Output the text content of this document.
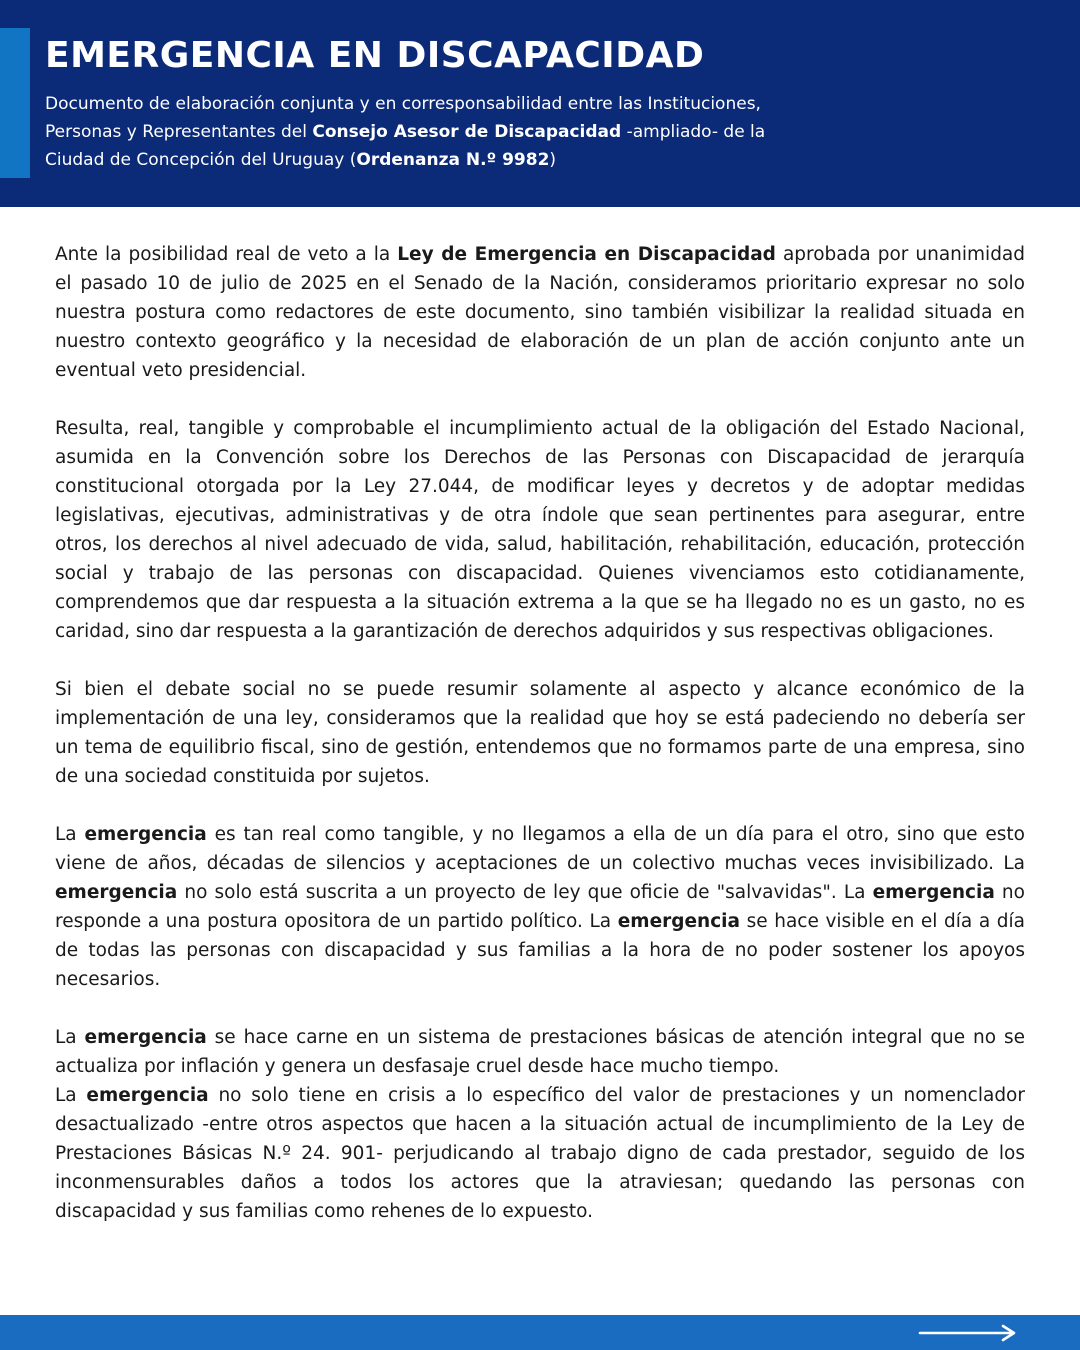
EMERGENCIA EN DISCAPACIDAD

Documento de elaboración conjunta y en corresponsabilidad entre las Instituciones,
Personas y Representantes del Consejo Asesor de Discapacidad -ampliado- de la
Ciudad de Concepción del Uruguay (Ordenanza N.º 9982)

Ante la posibilidad real de veto a la Ley de Emergencia en Discapacidad aprobada por unanimidad el pasado 10 de julio de 2025 en el Senado de la Nación, consideramos prioritario expresar no solo nuestra postura como redactores de este documento, sino también visibilizar la realidad situada en nuestro contexto geográfico y la necesidad de elaboración de un plan de acción conjunto ante un eventual veto presidencial.

Resulta, real, tangible y comprobable el incumplimiento actual de la obligación del Estado Nacional, asumida en la Convención sobre los Derechos de las Personas con Discapacidad de jerarquía constitucional otorgada por la Ley 27.044, de modificar leyes y decretos y de adoptar medidas legislativas, ejecutivas, administrativas y de otra índole que sean pertinentes para asegurar, entre otros, los derechos al nivel adecuado de vida, salud, habilitación, rehabilitación, educación, protección social y trabajo de las personas con discapacidad. Quienes vivenciamos esto cotidianamente, comprendemos que dar respuesta a la situación extrema a la que se ha llegado no es un gasto, no es caridad, sino dar respuesta a la garantización de derechos adquiridos y sus respectivas obligaciones.

Si bien el debate social no se puede resumir solamente al aspecto y alcance económico de la implementación de una ley, consideramos que la realidad que hoy se está padeciendo no debería ser un tema de equilibrio fiscal, sino de gestión, entendemos que no formamos parte de una empresa, sino de una sociedad constituida por sujetos.

La emergencia es tan real como tangible, y no llegamos a ella de un día para el otro, sino que esto viene de años, décadas de silencios y aceptaciones de un colectivo muchas veces invisibilizado. La emergencia no solo está suscrita a un proyecto de ley que oficie de "salvavidas". La emergencia no responde a una postura opositora de un partido político. La emergencia se hace visible en el día a día de todas las personas con discapacidad y sus familias a la hora de no poder sostener los apoyos necesarios.

La emergencia se hace carne en un sistema de prestaciones básicas de atención integral que no se actualiza por inflación y genera un desfasaje cruel desde hace mucho tiempo.

La emergencia no solo tiene en crisis a lo específico del valor de prestaciones y un nomenclador desactualizado -entre otros aspectos que hacen a la situación actual de incumplimiento de la Ley de Prestaciones Básicas N.º 24. 901- perjudicando al trabajo digno de cada prestador, seguido de los inconmensurables daños a todos los actores que la atraviesan; quedando las personas con discapacidad y sus familias como rehenes de lo expuesto.
